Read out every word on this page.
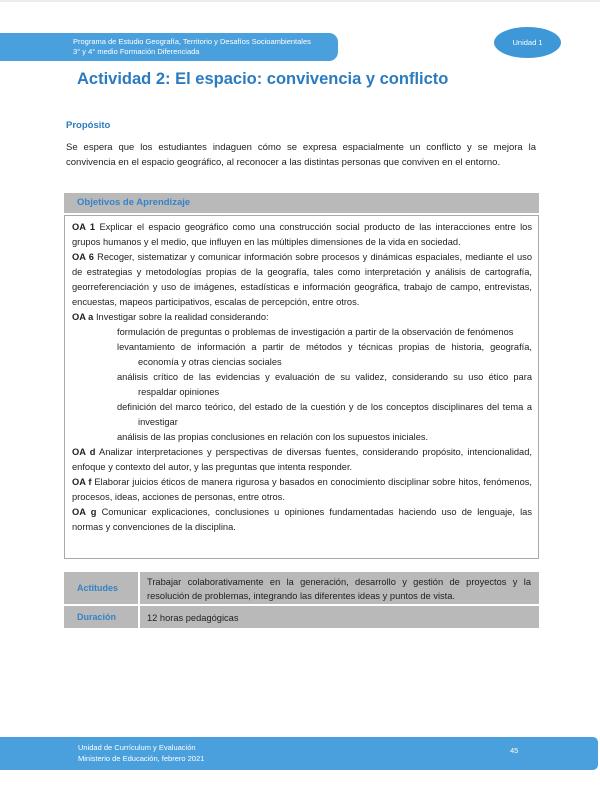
Programa de Estudio Geografía, Territorio y Desafíos Socioambientales
3° y 4° medio Formación Diferenciada
Unidad 1
Actividad 2: El espacio: convivencia y conflicto
Propósito

Se espera que los estudiantes indaguen cómo se expresa espacialmente un conflicto y se mejora la convivencia en el espacio geográfico, al reconocer a las distintas personas que conviven en el entorno.

Objetivos de Aprendizaje

OA 1 Explicar el espacio geográfico como una construcción social producto de las interacciones entre los grupos humanos y el medio, que influyen en las múltiples dimensiones de la vida en sociedad.

OA 6 Recoger, sistematizar y comunicar información sobre procesos y dinámicas espaciales, mediante el uso de estrategias y metodologías propias de la geografía, tales como interpretación y análisis de cartografía, georreferenciación y uso de imágenes, estadísticas e información geográfica, trabajo de campo, entrevistas, encuestas, mapeos participativos, escalas de percepción, entre otros.

OA a Investigar sobre la realidad considerando:

formulación de preguntas o problemas de investigación a partir de la observación de fenómenos
levantamiento de información a partir de métodos y técnicas propias de historia, geografía, economía y otras ciencias sociales
análisis crítico de las evidencias y evaluación de su validez, considerando su uso ético para respaldar opiniones
definición del marco teórico, del estado de la cuestión y de los conceptos disciplinares del tema a investigar
análisis de las propias conclusiones en relación con los supuestos iniciales.

OA d Analizar interpretaciones y perspectivas de diversas fuentes, considerando propósito, intencionalidad, enfoque y contexto del autor, y las preguntas que intenta responder.

OA f Elaborar juicios éticos de manera rigurosa y basados en conocimiento disciplinar sobre hitos, fenómenos, procesos, ideas, acciones de personas, entre otros.

OA g Comunicar explicaciones, conclusiones u opiniones fundamentadas haciendo uso de lenguaje, las normas y convenciones de la disciplina.

Actitudes
Trabajar colaborativamente en la generación, desarrollo y gestión de proyectos y la resolución de problemas, integrando las diferentes ideas y puntos de vista.
Duración	12 horas pedagógicas
Unidad de Currículum y Evaluación
Ministerio de Educación, febrero 2021
45
